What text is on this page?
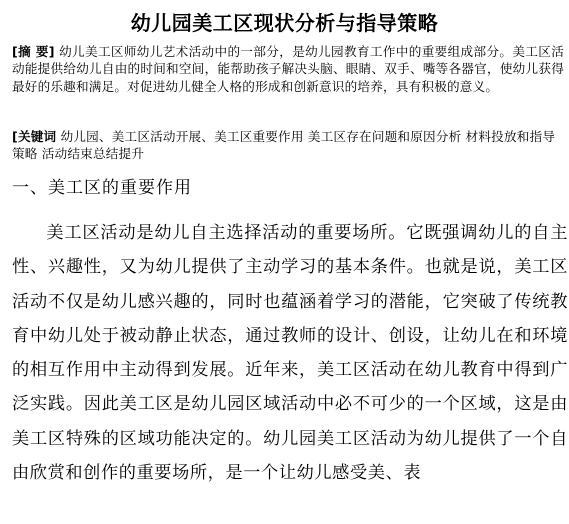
幼儿园美工区现状分析与指导策略
[摘 要] 幼儿美工区师幼儿艺术活动中的一部分，是幼儿园教育工作中的重要组成部分。美工区活动能提供给幼儿自由的时间和空间，能帮助孩子解决头脑、眼睛、双手、嘴等各器官，使幼儿获得最好的乐趣和满足。对促进幼儿健全人格的形成和创新意识的培养，具有积极的意义。
[关键词 幼儿园、美工区活动开展、美工区重要作用 美工区存在问题和原因分析 材料投放和指导策略 活动结束总结提升
一、美工区的重要作用

美工区活动是幼儿自主选择活动的重要场所。它既强调幼儿的自主性、兴趣性，又为幼儿提供了主动学习的基本条件。也就是说，美工区活动不仅是幼儿感兴趣的，同时也蕴涵着学习的潜能，它突破了传统教育中幼儿处于被动静止状态，通过教师的设计、创设，让幼儿在和环境的相互作用中主动得到发展。近年来，美工区活动在幼儿教育中得到广泛实践。因此美工区是幼儿园区域活动中必不可少的一个区域，这是由美工区特殊的区域功能决定的。幼儿园美工区活动为幼儿提供了一个自由欣赏和创作的重要场所，是一个让幼儿感受美、表
